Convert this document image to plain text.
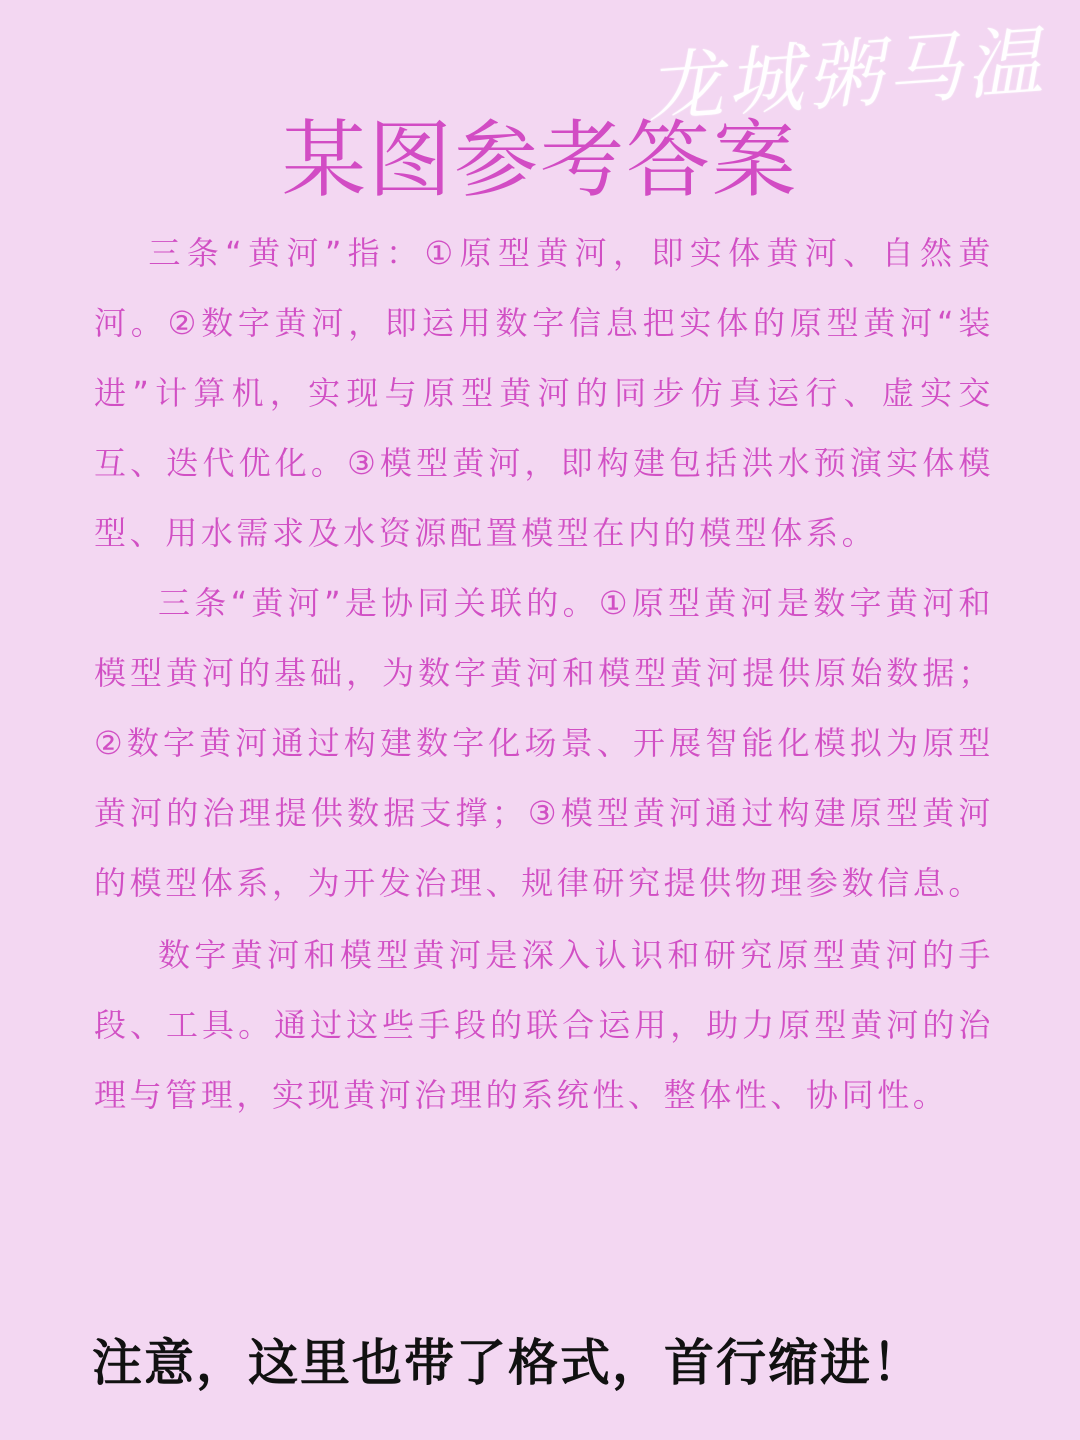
龙城粥马温
某图参考答案

三条“黄河”指：①原型黄河，即实体黄河、自然黄河。②数字黄河，即运用数字信息把实体的原型黄河“装进”计算机，实现与原型黄河的同步仿真运行、虚实交互、迭代优化。③模型黄河，即构建包括洪水预演实体模型、用水需求及水资源配置模型在内的模型体系。

三条“黄河”是协同关联的。①原型黄河是数字黄河和模型黄河的基础，为数字黄河和模型黄河提供原始数据；②数字黄河通过构建数字化场景、开展智能化模拟为原型黄河的治理提供数据支撑；③模型黄河通过构建原型黄河的模型体系，为开发治理、规律研究提供物理参数信息。

数字黄河和模型黄河是深入认识和研究原型黄河的手段、工具。通过这些手段的联合运用，助力原型黄河的治理与管理，实现黄河治理的系统性、整体性、协同性。

注意，这里也带了格式，首行缩进！
